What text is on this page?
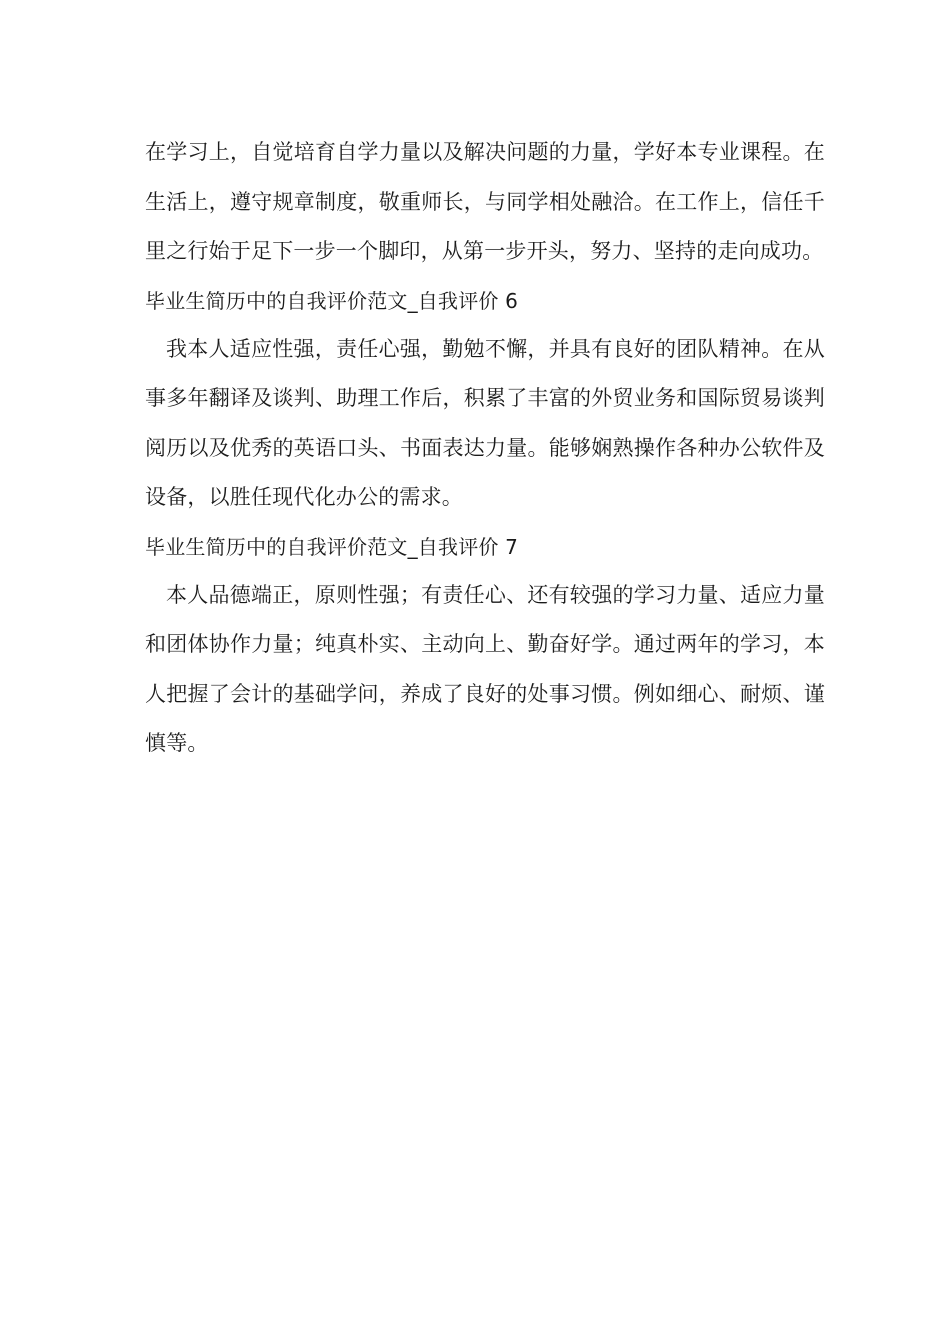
在学习上，自觉培育自学力量以及解决问题的力量，学好本专业课程。在生活上，遵守规章制度，敬重师长，与同学相处融洽。在工作上，信任千里之行始于足下一步一个脚印，从第一步开头，努力、坚持的走向成功。

毕业生简历中的自我评价范文_自我评价 6

我本人适应性强，责任心强，勤勉不懈，并具有良好的团队精神。在从事多年翻译及谈判、助理工作后，积累了丰富的外贸业务和国际贸易谈判阅历以及优秀的英语口头、书面表达力量。能够娴熟操作各种办公软件及设备，以胜任现代化办公的需求。

毕业生简历中的自我评价范文_自我评价 7

本人品德端正，原则性强；有责任心、还有较强的学习力量、适应力量和团体协作力量；纯真朴实、主动向上、勤奋好学。通过两年的学习，本人把握了会计的基础学问，养成了良好的处事习惯。例如细心、耐烦、谨慎等。
